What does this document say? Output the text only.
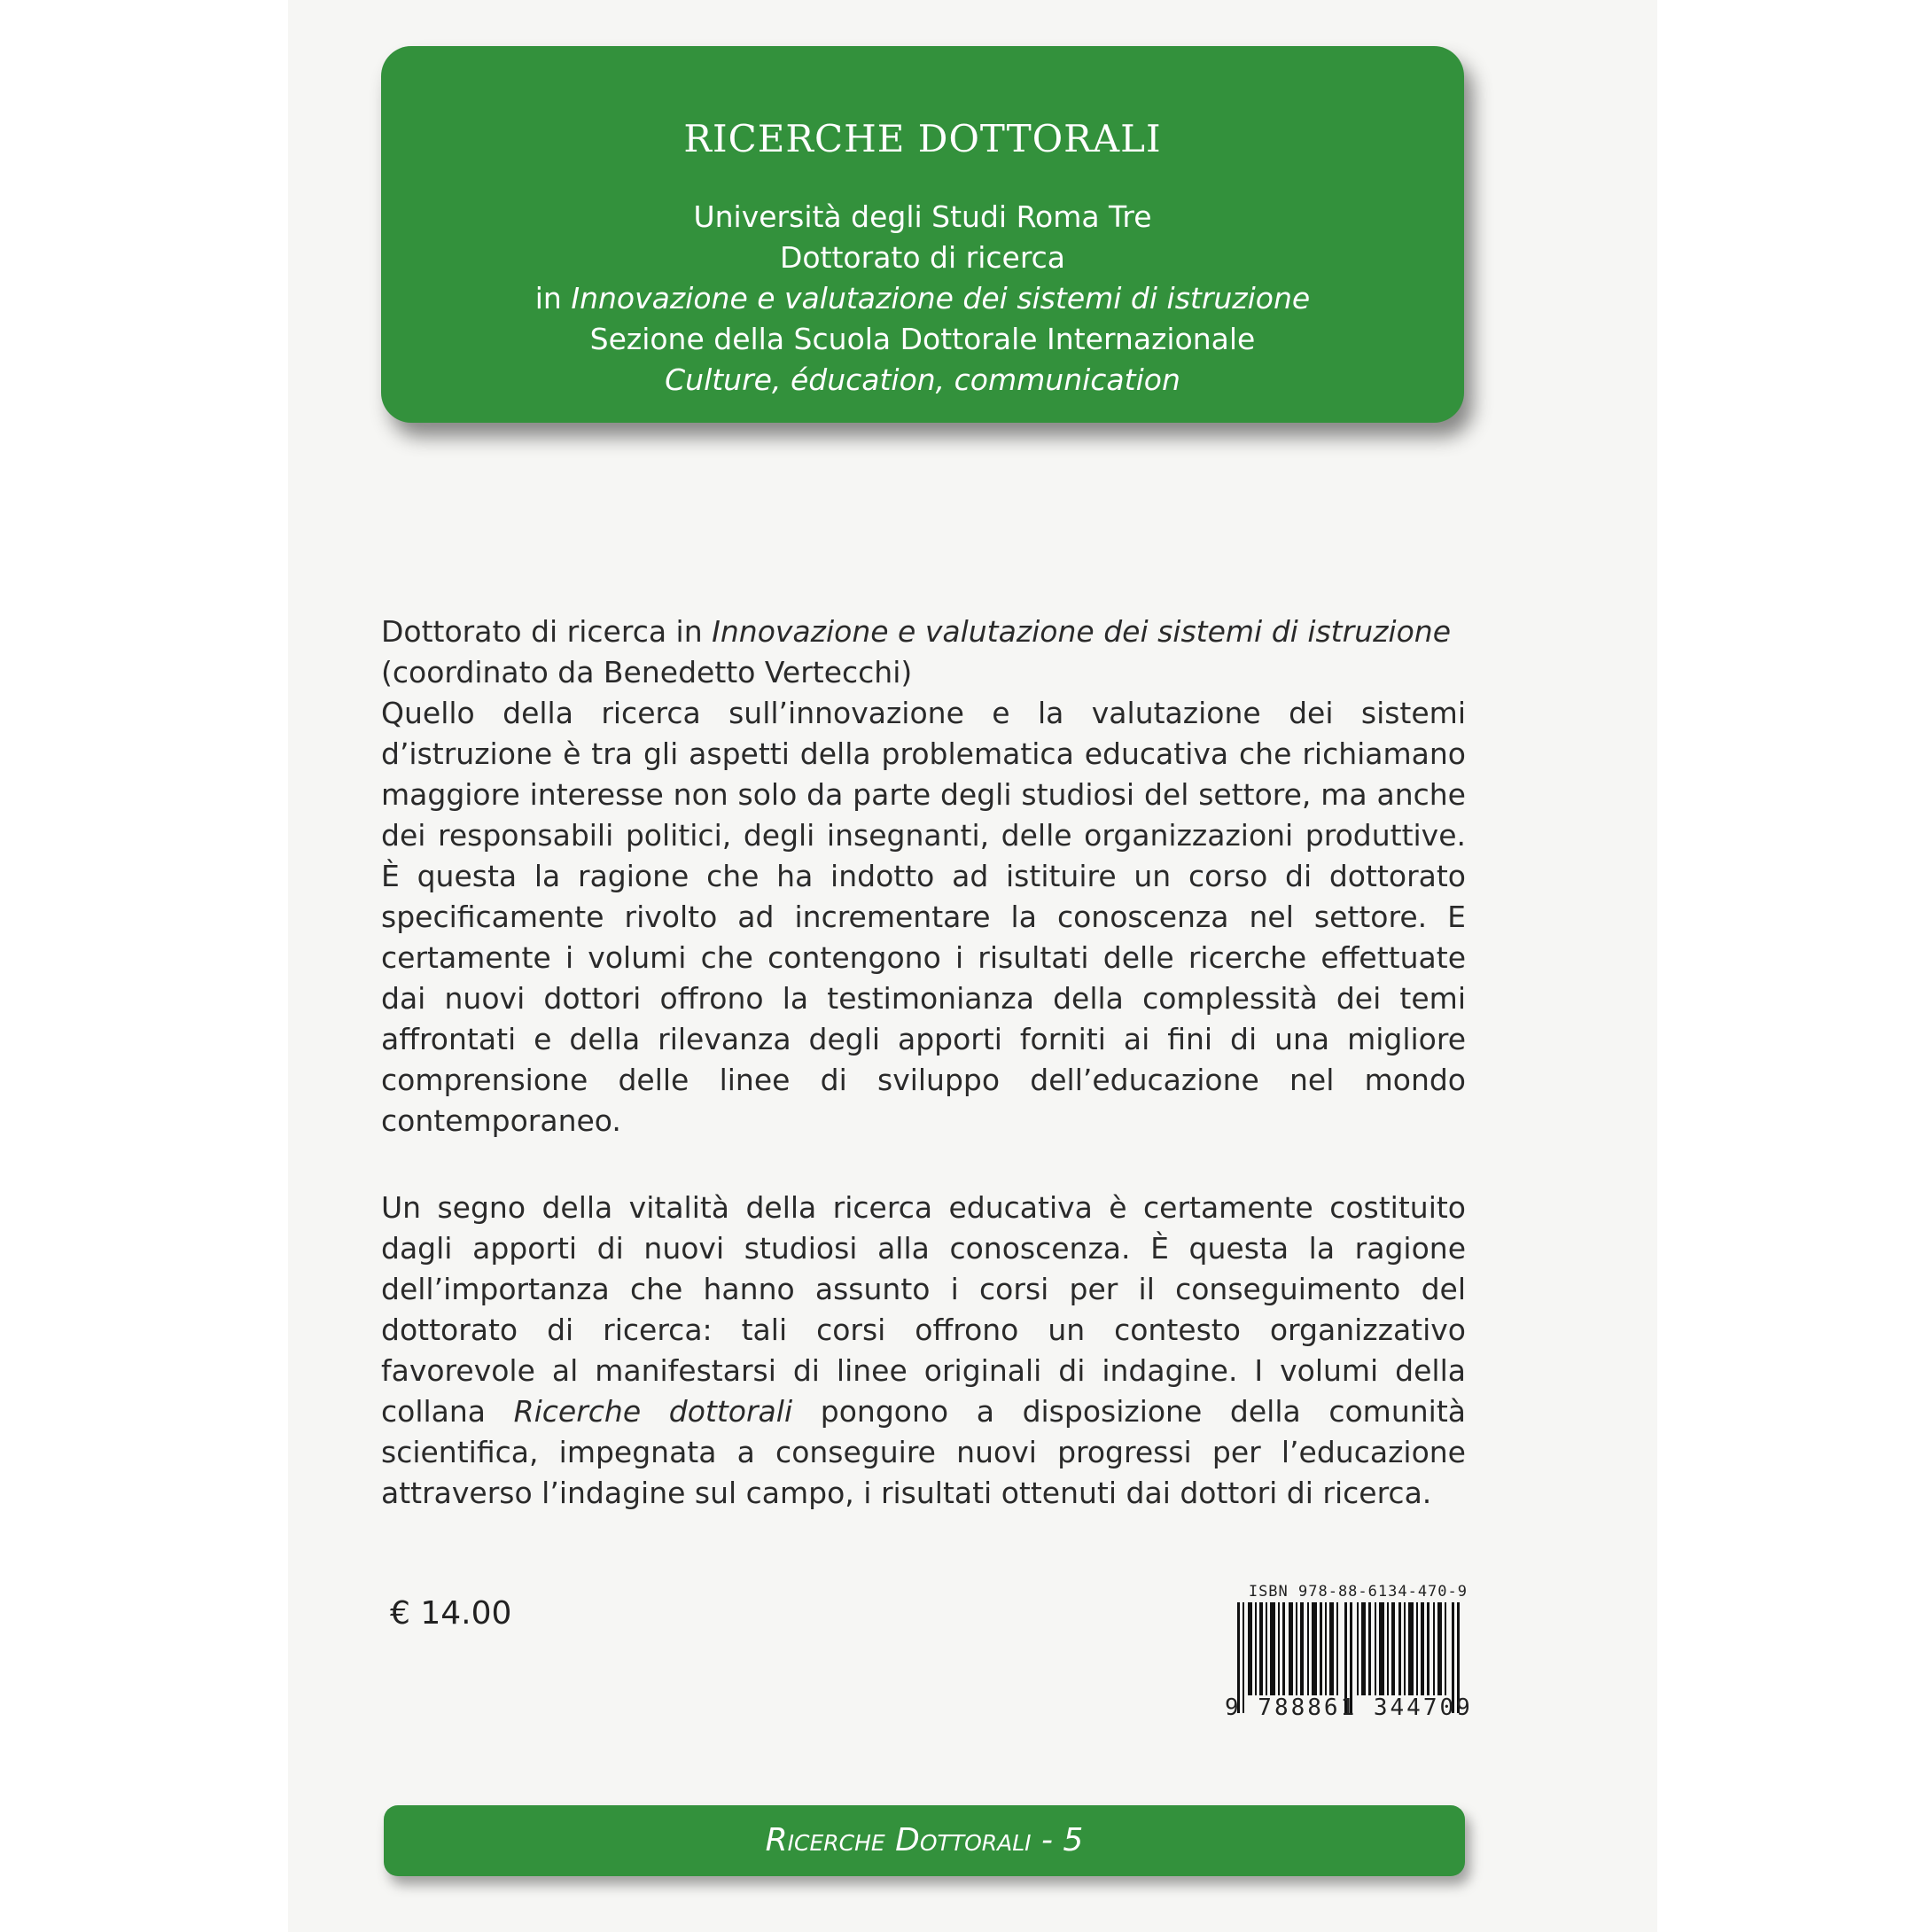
RICERCHE DOTTORALI
Università degli Studi Roma Tre
Dottorato di ricerca
in Innovazione e valutazione dei sistemi di istruzione
Sezione della Scuola Dottorale Internazionale
Culture, éducation, communication
Dottorato di ricerca in Innovazione e valutazione dei sistemi di istruzione
(coordinato da Benedetto Vertecchi)
Quello della ricerca sull’innovazione e la valutazione dei sistemi d’istruzione è tra gli aspetti della problematica educativa che richiamano maggiore interesse non solo da parte degli studiosi del settore, ma anche dei responsabili politici, degli insegnanti, delle organizzazioni produttive. È questa la ragione che ha indotto ad istituire un corso di dottorato specificamente rivolto ad incrementare la conoscenza nel settore. E certamente i volumi che contengono i risultati delle ricerche effettuate dai nuovi dottori offrono la testimonianza della complessità dei temi affrontati e della rilevanza degli apporti forniti ai fini di una migliore comprensione delle linee di sviluppo dell’educazione nel mondo contemporaneo.
Un segno della vitalità della ricerca educativa è certamente costituito dagli apporti di nuovi studiosi alla conoscenza. È questa la ragione dell’importanza che hanno assunto i corsi per il conseguimento del dottorato di ricerca: tali corsi offrono un contesto organizzativo favorevole al manifestarsi di linee originali di indagine. I volumi della collana Ricerche dottorali pongono a disposizione della comunità scientifica, impegnata a conseguire nuovi progressi per l’educazione attraverso l’indagine sul campo, i risultati ottenuti dai dottori di ricerca.
€ 14.00
ISBN 978-88-6134-470-9
9 788861 344709
Ricerche Dottorali - 5
